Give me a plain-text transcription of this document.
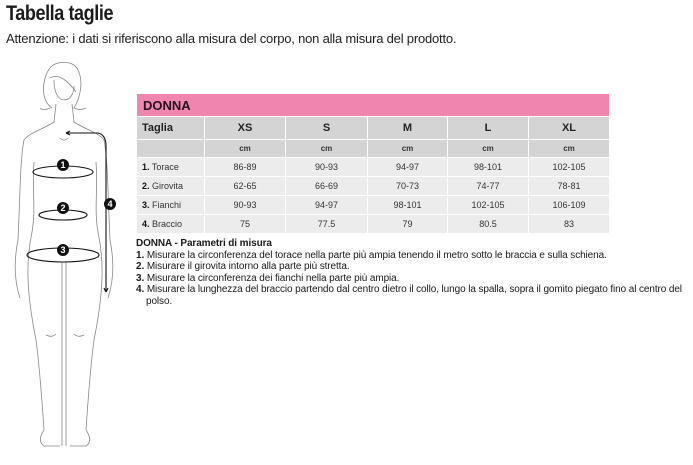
Tabella taglie
Attenzione: i dati si riferiscono alla misura del corpo, non alla misura del prodotto.
1
2
3
4
DONNA					
Taglia	XS	S	M	L	XL
	cm	cm	cm	cm	cm
1. Torace	86-89	90-93	94-97	98-101	102-105
2. Girovita	62-65	66-69	70-73	74-77	78-81
3. Fianchi	90-93	94-97	98-101	102-105	106-109
4. Braccio	75	77.5	79	80.5	83
DONNA - Parametri di misura
1. Misurare la circonferenza del torace nella parte più ampia tenendo il metro sotto le braccia e sulla schiena.
2. Misurare il girovita intorno alla parte più stretta.
3. Misurare la circonferenza dei fianchi nella parte più ampia.
4. Misurare la lunghezza del braccio partendo dal centro dietro il collo, lungo la spalla, sopra il gomito piegato fino al centro del polso.
